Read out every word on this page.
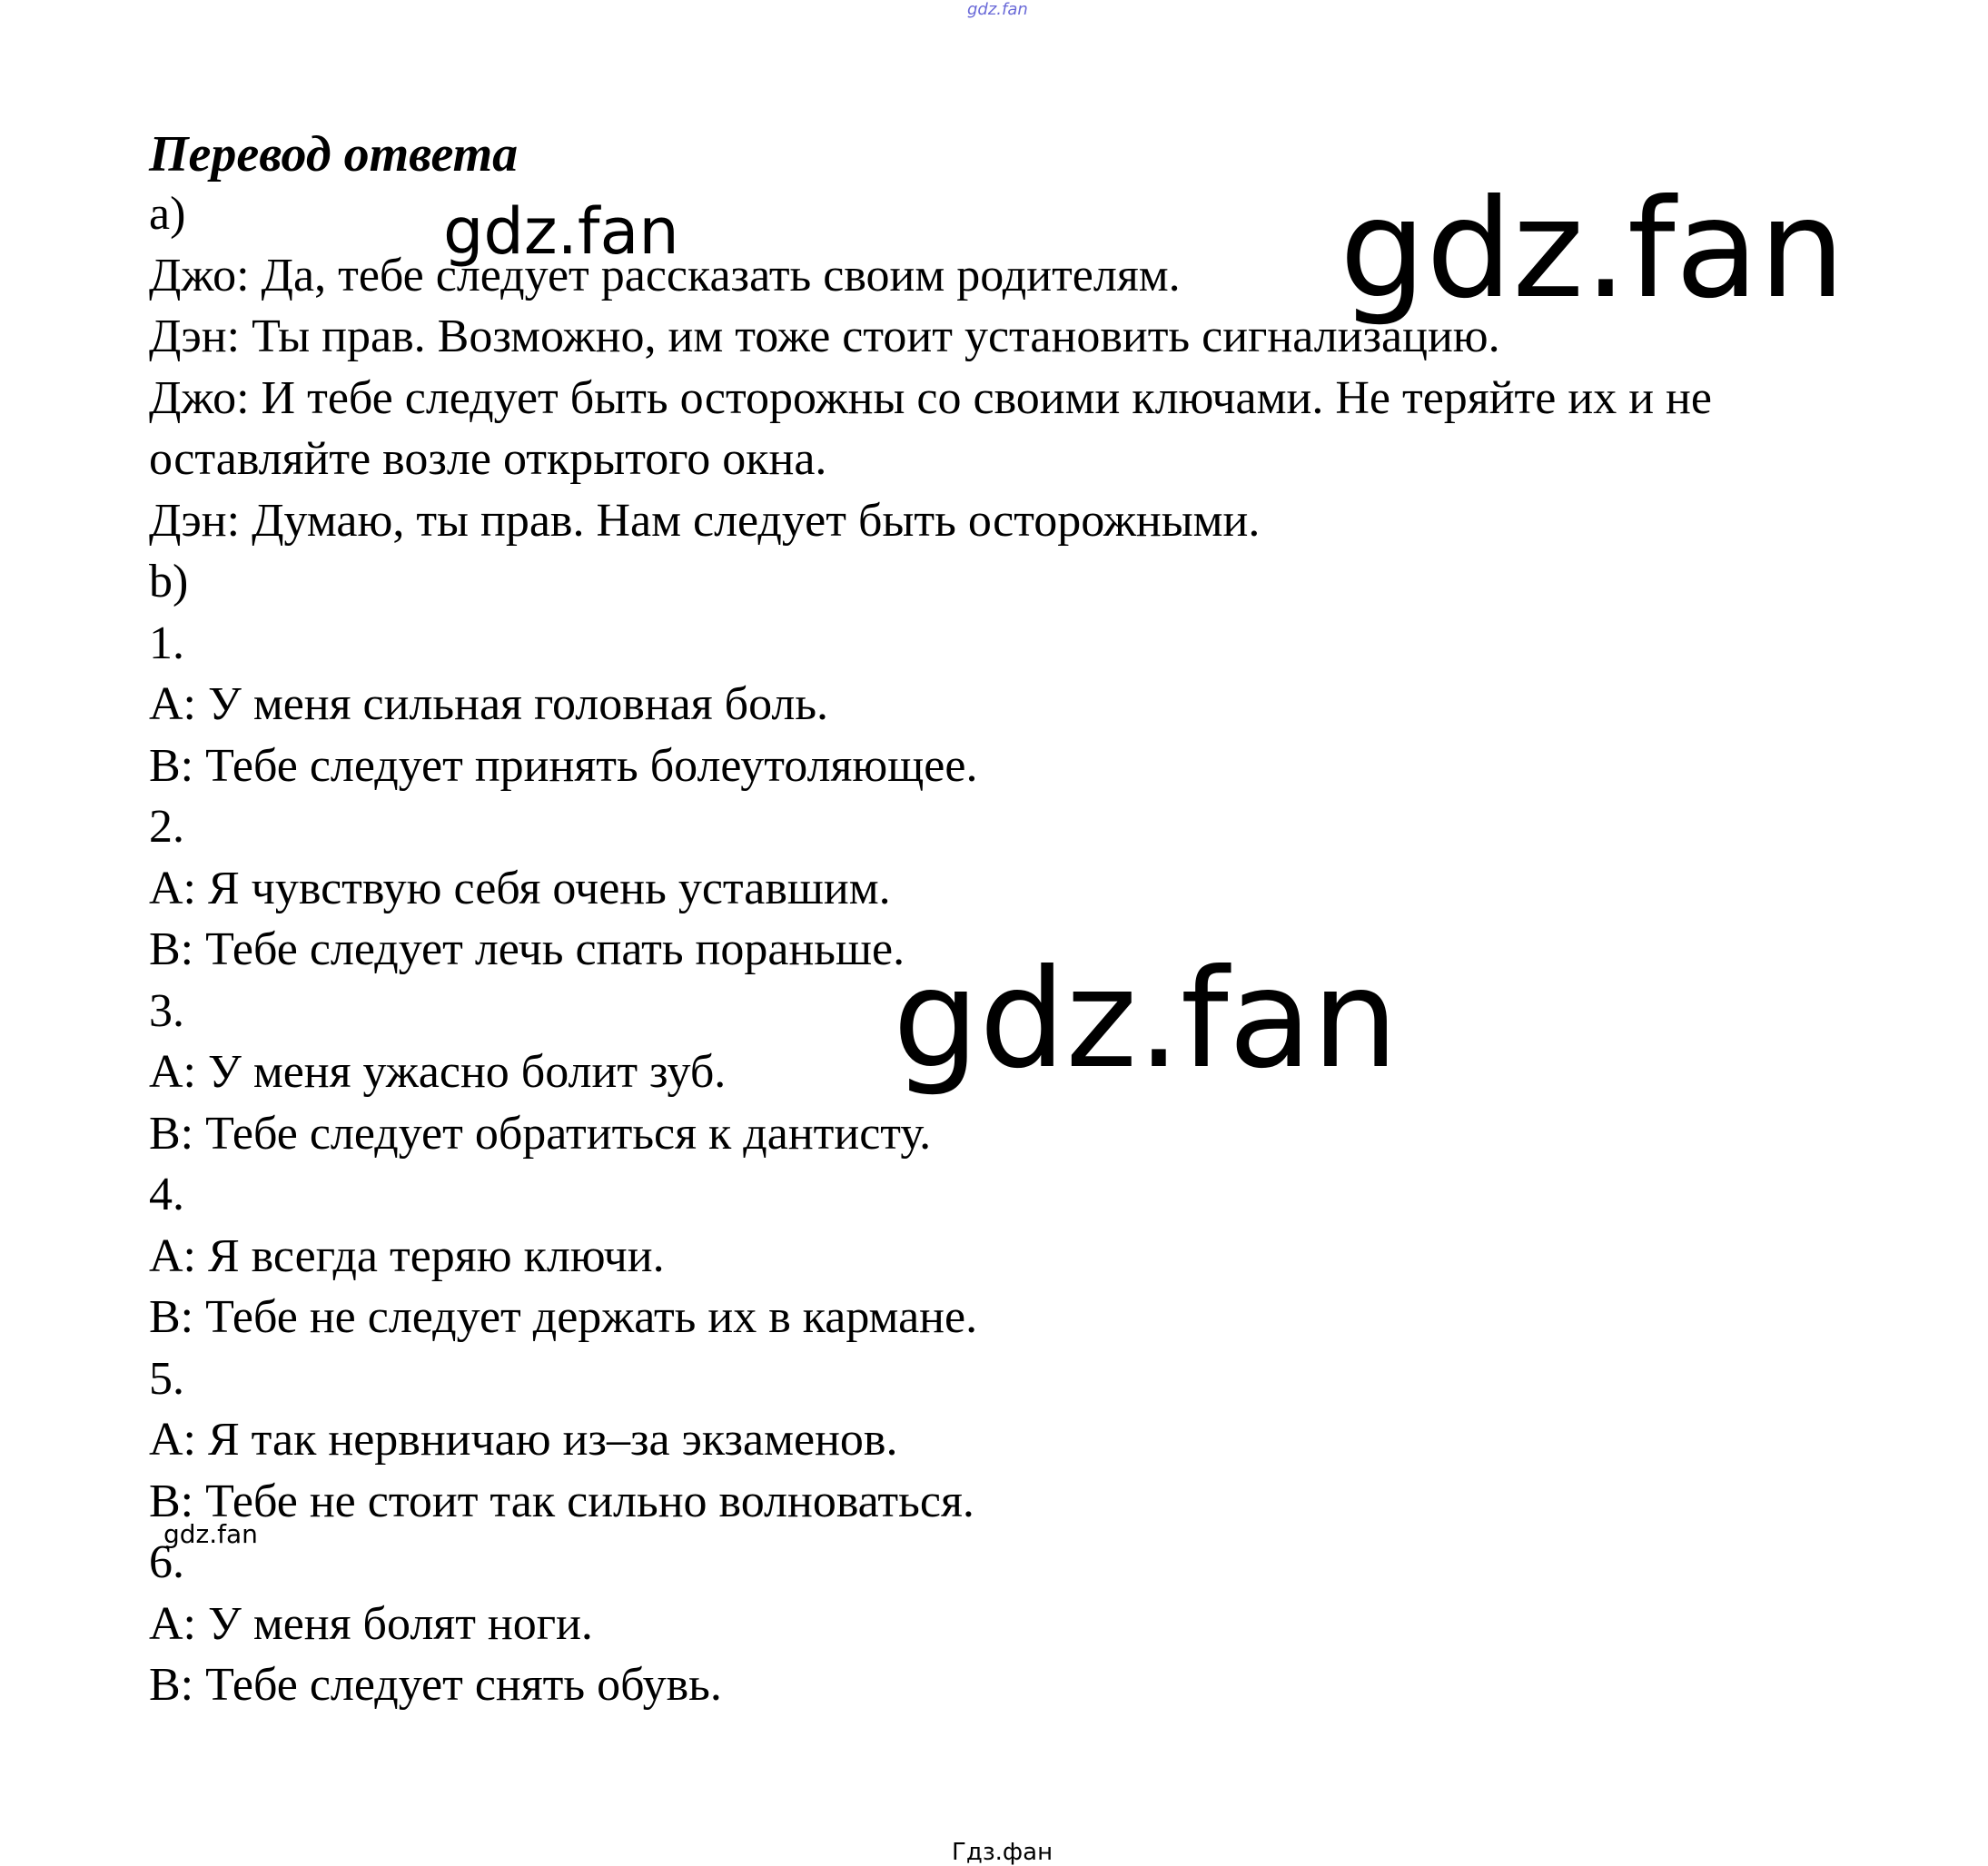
gdz.fan

Перевод ответа

a)

Джо: Да, тебе следует рассказать своим родителям.

Дэн: Ты прав. Возможно, им тоже стоит установить сигнализацию.

Джо: И тебе следует быть осторожны со своими ключами. Не теряйте их и не оставляйте возле открытого окна.

Дэн: Думаю, ты прав. Нам следует быть осторожными.

b)

1.

A: У меня сильная головная боль.

B: Тебе следует принять болеутоляющее.

2.

A: Я чувствую себя очень уставшим.

B: Тебе следует лечь спать пораньше.

3.

A: У меня ужасно болит зуб.

B: Тебе следует обратиться к дантисту.

4.

A: Я всегда теряю ключи.

B: Тебе не следует держать их в кармане.

5.

A: Я так нервничаю из–за экзаменов.

B: Тебе не стоит так сильно волноваться.

6.

A: У меня болят ноги.

B: Тебе следует снять обувь.

gdz.fan	gdz.fan
gdz.fan
gdz.fan
Гдз.фан
